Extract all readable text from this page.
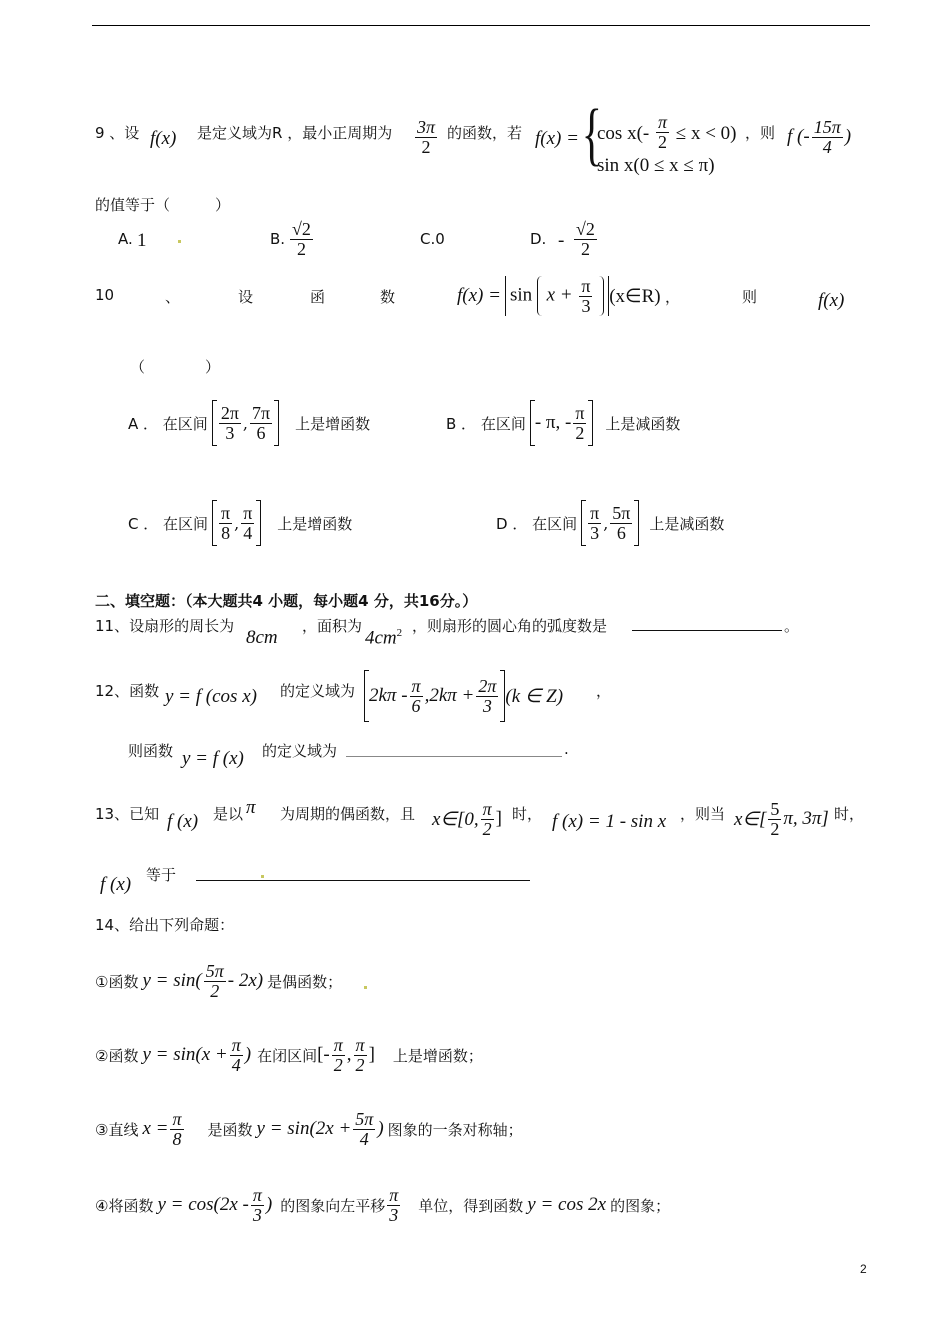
9 、设 f(x) 是定义域为R ，最小正周期为 $\frac{3\pi}{2}$ 的函数，若 f(x) = {
$\cos x(- \frac{\pi}{2} \le x < 0)$
sin x(0 ≤ x ≤ π)
，则 f (- $\frac{15\pi}{4}$ )
的值等于（　　　）
A. 1	B. $\frac{√2}{2}$	C.0	D. - $\frac{√2}{2}$
10	、	设	函	数	$f(x) = \sin x + \frac{\pi}{3}$
(x∈R) ，	则	f(x)
（　　　　）
A ． 在区间 $\frac{2\pi}{3}$ , $\frac{7\pi}{6}$ 上是增函数	B ． 在区间 - π, - $\frac{\pi}{2}$ 上是减函数
C ． 在区间 $\frac{\pi}{8}$ , $\frac{\pi}{4}$ 上是增函数	D ． 在区间 $\frac{\pi}{3}$ , $\frac{5\pi}{6}$ 上是减函数
二、填空题：（本大题共4 小题，每小题4 分，共16分。）
11、设扇形的周长为
8cm
，面积为
$4cm^2$ ，则扇形的圆心角的弧度数是	。
12、函数 y = f (cos x) 的定义域为 $2k\pi - \frac{\pi}{6} ,2k\pi + \frac{2\pi}{3} (k$ ∈ Z) ，
则函数 y = f (x) 的定义域为	.
13、已知 f (x) 是以 π 为周期的偶函数，且 x∈[0, $\frac{\pi}{2}$ ] 时， f (x) = 1 - sin x ，则当 x∈[ $\frac{5}{2} \pi$, 3π] 时，
f (x) 等于
14、给出下列命题：
①函数 $y = \sin( \frac{5\pi}{2} - 2x)$ 是偶函数；
②函数 $y = \sin(x + \frac{\pi}{4}$ ) 在闭区间 [- $\frac{\pi}{2}$ , $\frac{\pi}{2}$ ] 上是增函数；
③直线 $x = \frac{\pi}{8}$ 是函数 $y = \sin(2x + \frac{5\pi}{4}$ ) 图象的一条对称轴；
④将函数 $y = \cos(2x - \frac{\pi}{3}$ ) 的图象向左平移 $\frac{\pi}{3}$ 单位，得到函数 y = cos 2x 的图象；
2
